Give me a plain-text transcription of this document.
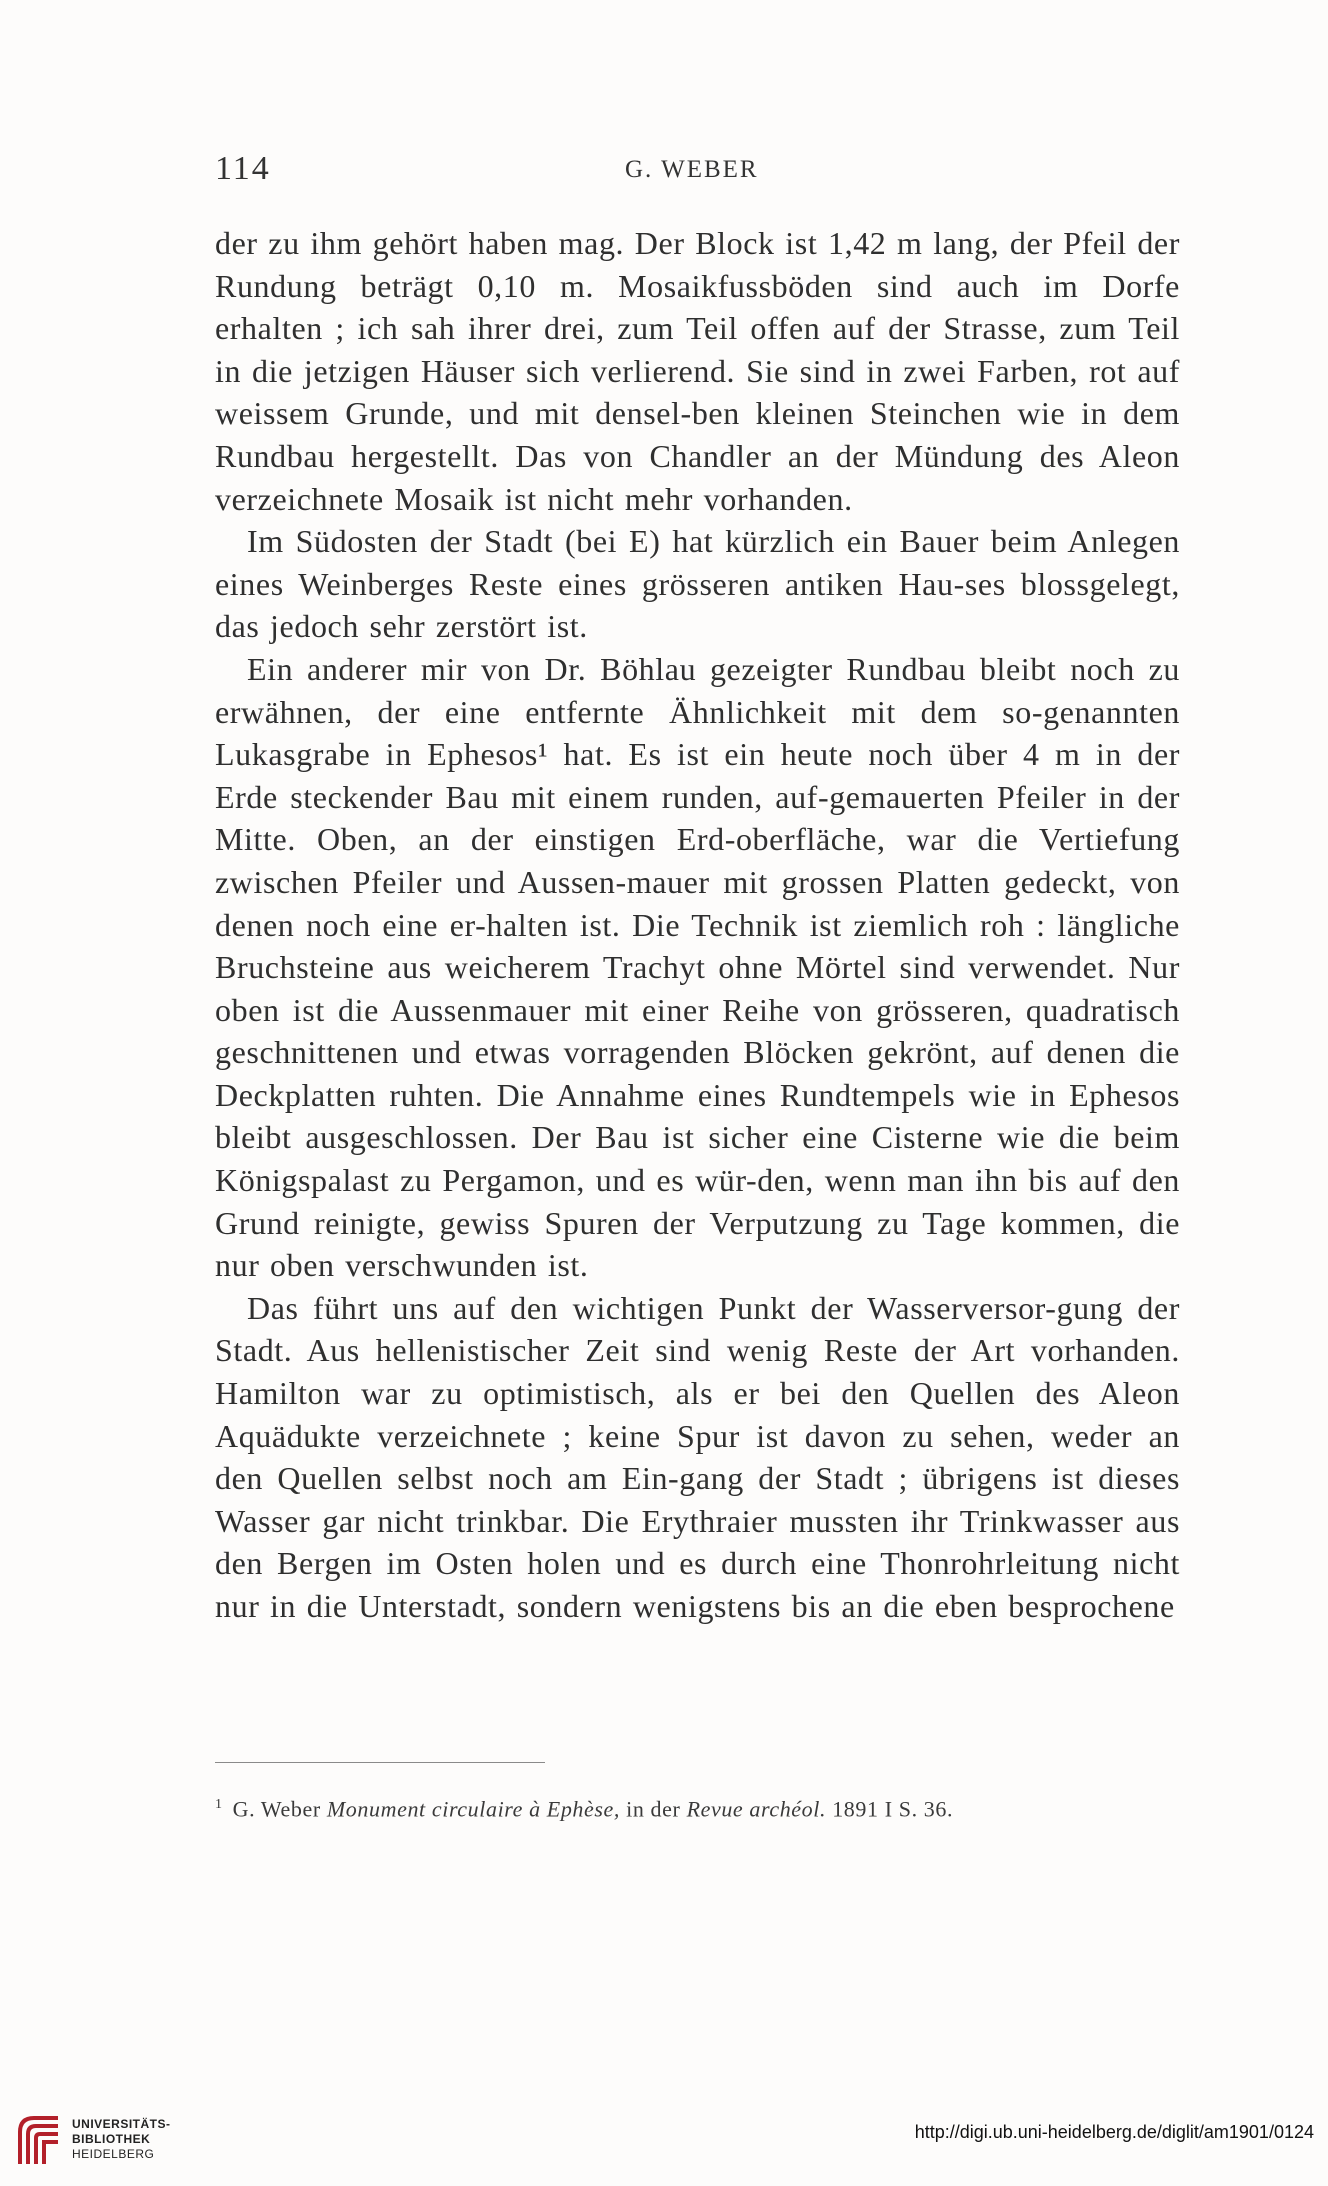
114	G. WEBER

der zu ihm gehört haben mag. Der Block ist 1,42 m lang, der Pfeil der Rundung beträgt 0,10 m. Mosaikfussböden sind auch im Dorfe erhalten ; ich sah ihrer drei, zum Teil offen auf der Strasse, zum Teil in die jetzigen Häuser sich verlierend. Sie sind in zwei Farben, rot auf weissem Grunde, und mit densel-ben kleinen Steinchen wie in dem Rundbau hergestellt. Das von Chandler an der Mündung des Aleon verzeichnete Mosaik ist nicht mehr vorhanden.

Im Südosten der Stadt (bei E) hat kürzlich ein Bauer beim Anlegen eines Weinberges Reste eines grösseren antiken Hau-ses blossgelegt, das jedoch sehr zerstört ist.

Ein anderer mir von Dr. Böhlau gezeigter Rundbau bleibt noch zu erwähnen, der eine entfernte Ähnlichkeit mit dem so-genannten Lukasgrabe in Ephesos¹ hat. Es ist ein heute noch über 4 m in der Erde steckender Bau mit einem runden, auf-gemauerten Pfeiler in der Mitte. Oben, an der einstigen Erd-oberfläche, war die Vertiefung zwischen Pfeiler und Aussen-mauer mit grossen Platten gedeckt, von denen noch eine er-halten ist. Die Technik ist ziemlich roh : längliche Bruchsteine aus weicherem Trachyt ohne Mörtel sind verwendet. Nur oben ist die Aussenmauer mit einer Reihe von grösseren, quadratisch geschnittenen und etwas vorragenden Blöcken gekrönt, auf denen die Deckplatten ruhten. Die Annahme eines Rundtempels wie in Ephesos bleibt ausgeschlossen. Der Bau ist sicher eine Cisterne wie die beim Königspalast zu Pergamon, und es wür-den, wenn man ihn bis auf den Grund reinigte, gewiss Spuren der Verputzung zu Tage kommen, die nur oben verschwunden ist.

Das führt uns auf den wichtigen Punkt der Wasserversor-gung der Stadt. Aus hellenistischer Zeit sind wenig Reste der Art vorhanden. Hamilton war zu optimistisch, als er bei den Quellen des Aleon Aquädukte verzeichnete ; keine Spur ist davon zu sehen, weder an den Quellen selbst noch am Ein-gang der Stadt ; übrigens ist dieses Wasser gar nicht trinkbar. Die Erythraier mussten ihr Trinkwasser aus den Bergen im Osten holen und es durch eine Thonrohrleitung nicht nur in die Unterstadt, sondern wenigstens bis an die eben besprochene

$^1$ G. Weber Monument circulaire à Ephèse, in der Revue archéol. 1891 I S. 36.
UNIVERSITÄTS-
BIBLIOTHEK
HEIDELBERG
http://digi.ub.uni-heidelberg.de/diglit/am1901/0124
